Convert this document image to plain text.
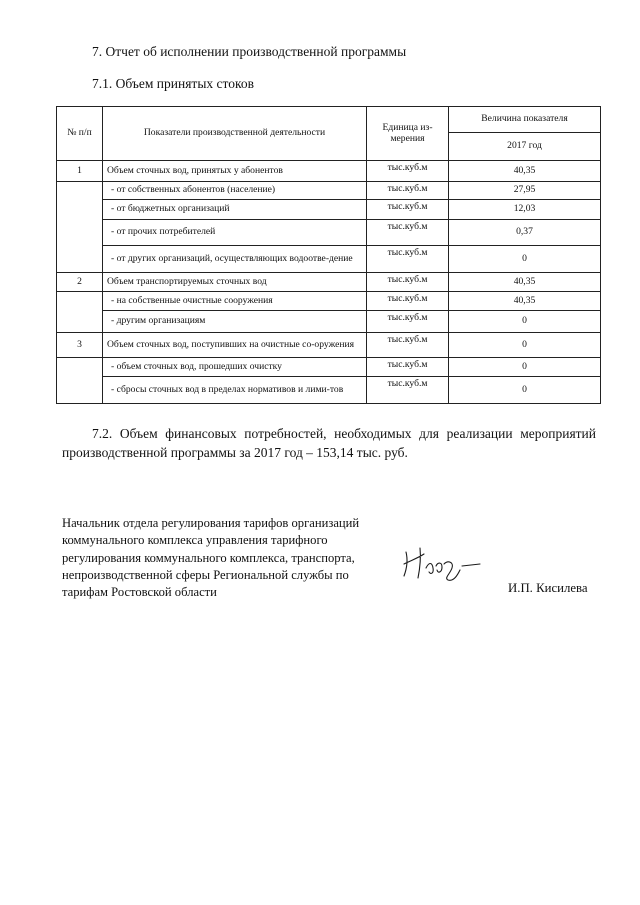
7. Отчет об исполнении производственной программы
7.1. Объем принятых стоков
№ п/п	Показатели производственной деятельности	Единица из-мерения	Величина показателя
			2017 год
1	Объем сточных вод, принятых у абонентов	тыс.куб.м	40,35
	- от собственных абонентов (население)	тыс.куб.м	27,95
	- от бюджетных организаций	тыс.куб.м	12,03
	- от прочих потребителей	тыс.куб.м	0,37
	- от других организаций, осуществляющих водоотве-дение	тыс.куб.м	0
2	Объем транспортируемых сточных вод	тыс.куб.м	40,35
	- на собственные очистные сооружения	тыс.куб.м	40,35
	- другим организациям	тыс.куб.м	0
3	Объем сточных вод, поступивших на очистные со-оружения	тыс.куб.м	0
	- объем сточных вод, прошедших очистку	тыс.куб.м	0
	- сбросы сточных вод в пределах нормативов и лими-тов	тыс.куб.м	0

7.2. Объем финансовых потребностей, необходимых для реализации мероприятий производственной программы за 2017 год – 153,14 тыс. руб.

Начальник отдела регулирования тарифов организаций коммунального комплекса управления тарифного регулирования коммунального комплекса, транспорта, непроизводственной сферы Региональной службы по тарифам Ростовской области	И.П. Кисилева
